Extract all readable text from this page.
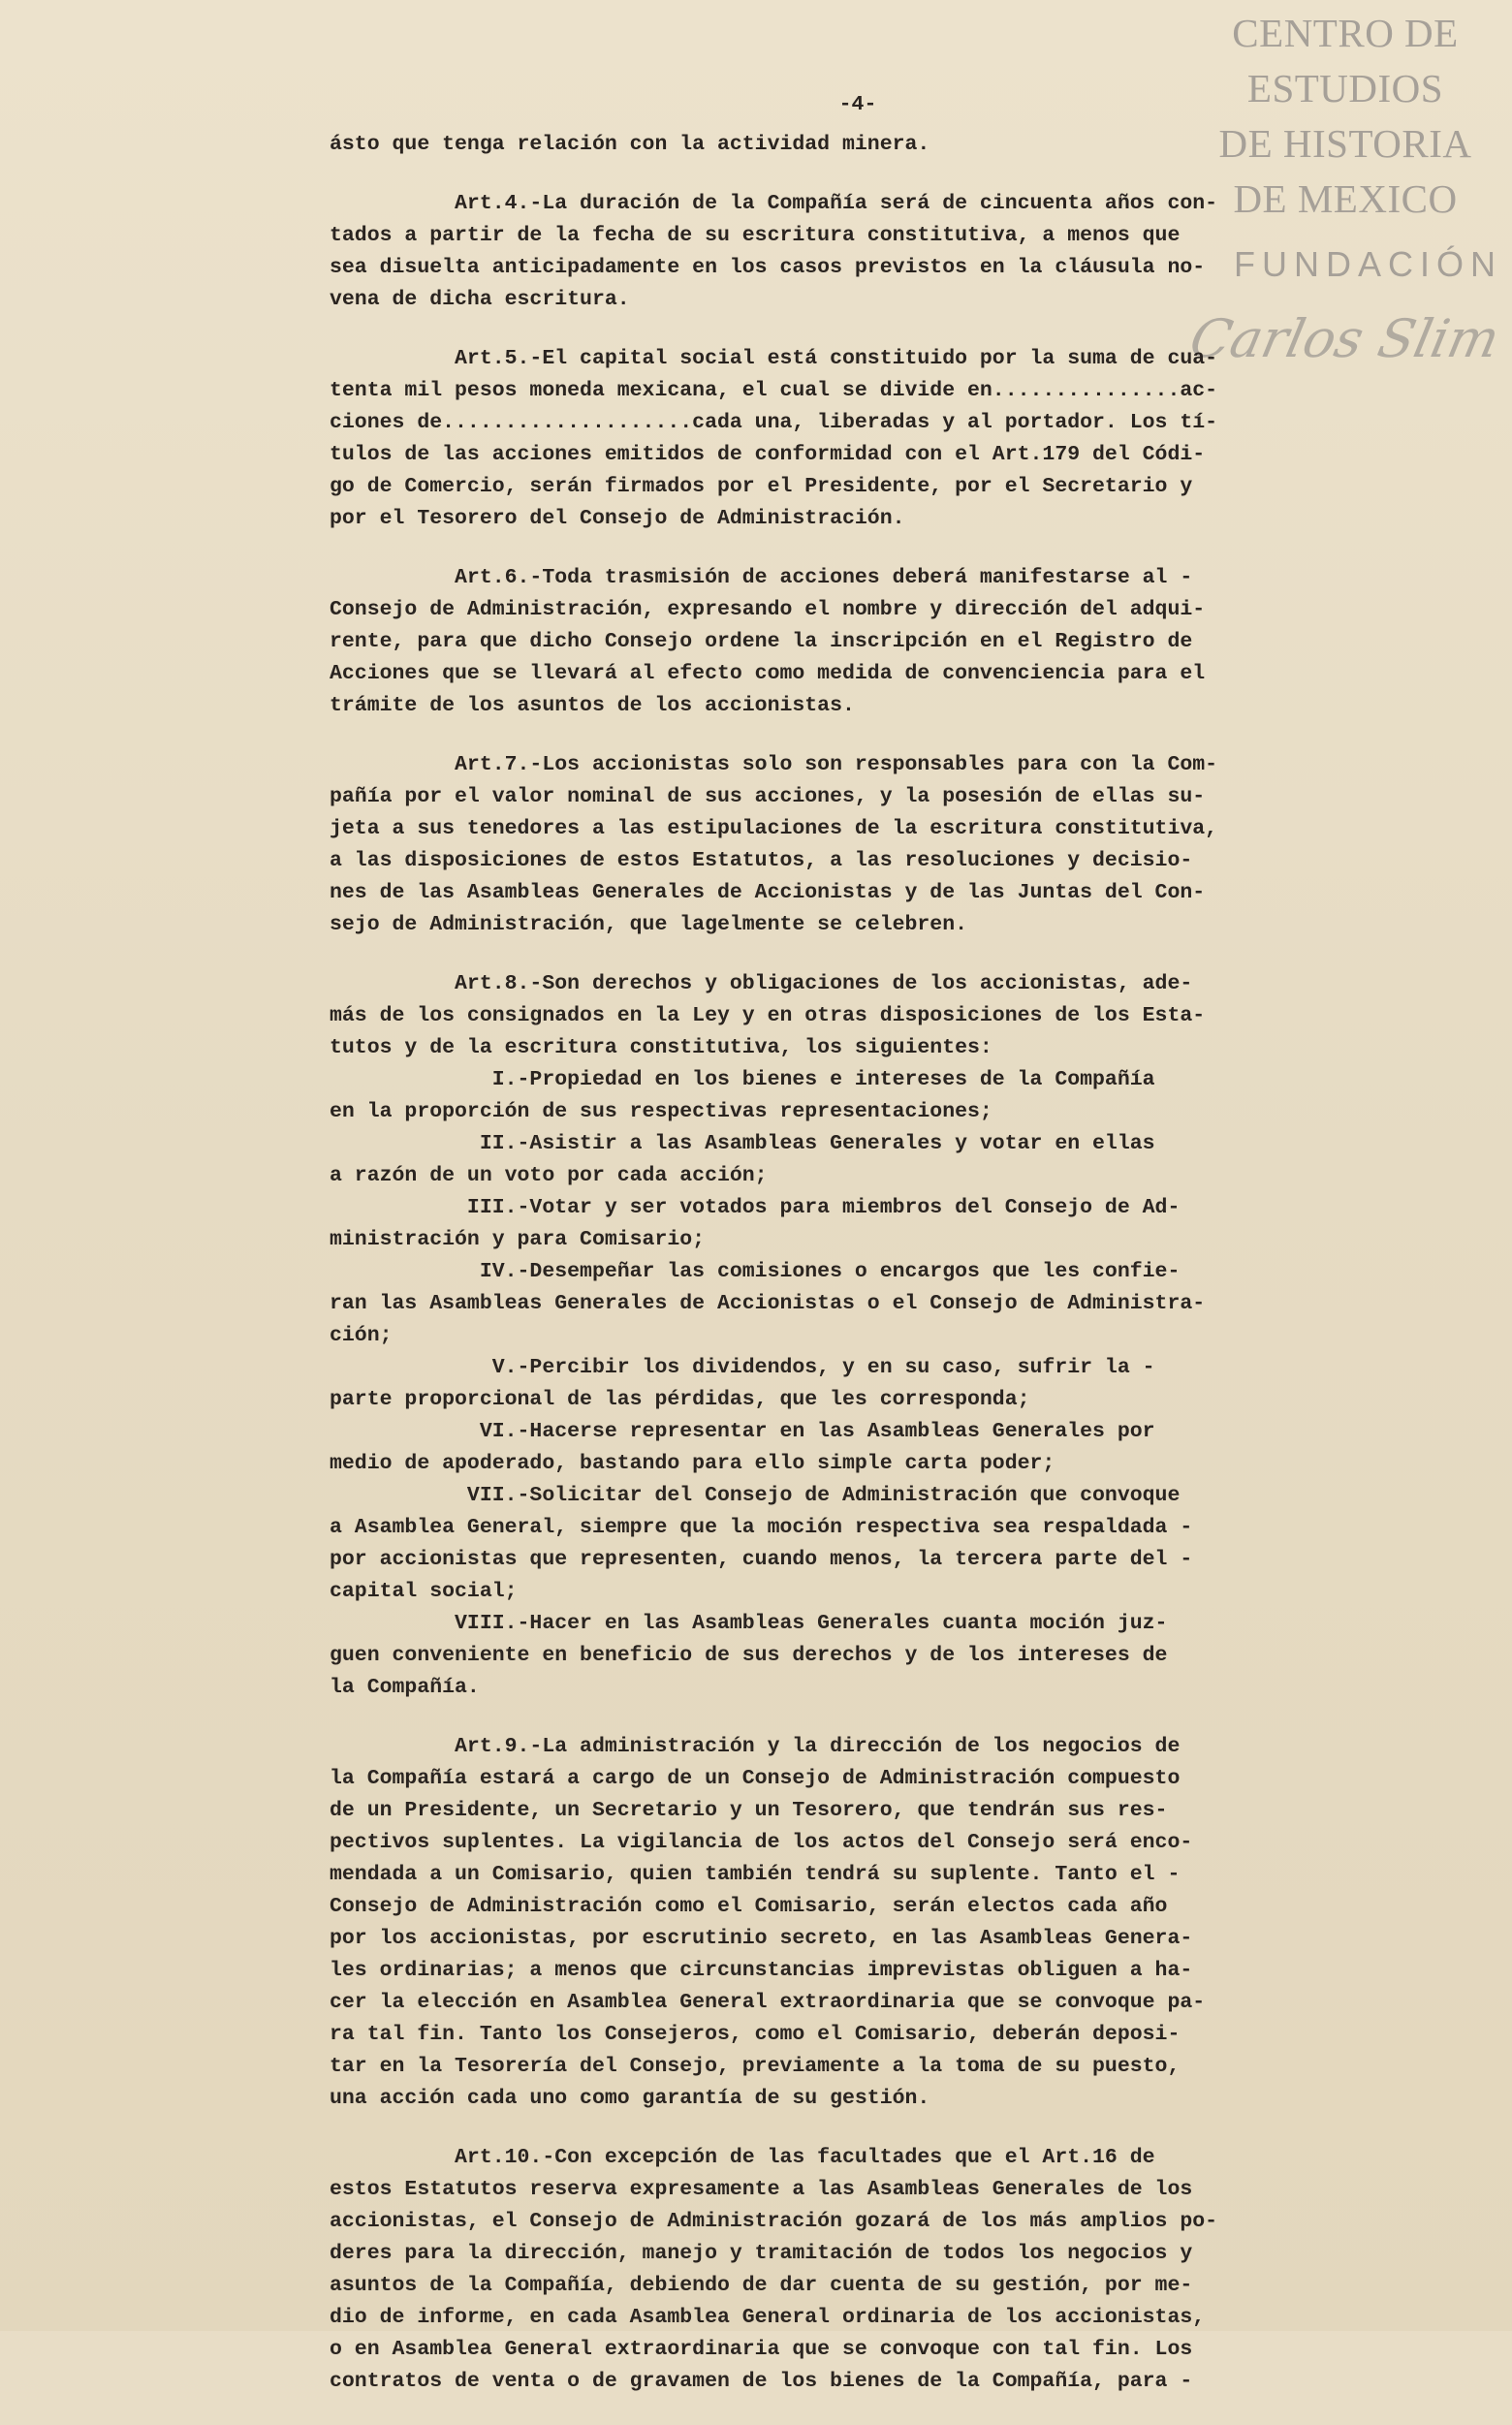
CENTRO DE
ESTUDIOS
DE HISTORIA
DE MEXICO
FUNDACIÓN
Carlos Slim
-4-
ásto que tenga relación con la actividad minera.
Art.4.-La duración de la Compañía será de cincuenta años con-
tados a partir de la fecha de su escritura constitutiva, a menos que
sea disuelta anticipadamente en los casos previstos en la cláusula no-
vena de dicha escritura.
Art.5.-El capital social está constituido por la suma de cua-
tenta mil pesos moneda mexicana, el cual se divide en...............ac-
ciones de....................cada una, liberadas y al portador. Los tí-
tulos de las acciones emitidos de conformidad con el Art.179 del Códi-
go de Comercio, serán firmados por el Presidente, por el Secretario y
por el Tesorero del Consejo de Administración.
Art.6.-Toda trasmisión de acciones deberá manifestarse al -
Consejo de Administración, expresando el nombre y dirección del adqui-
rente, para que dicho Consejo ordene la inscripción en el Registro de
Acciones que se llevará al efecto como medida de convenciencia para el
trámite de los asuntos de los accionistas.
Art.7.-Los accionistas solo son responsables para con la Com-
pañía por el valor nominal de sus acciones, y la posesión de ellas su-
jeta a sus tenedores a las estipulaciones de la escritura constitutiva,
a las disposiciones de estos Estatutos, a las resoluciones y decisio-
nes de las Asambleas Generales de Accionistas y de las Juntas del Con-
sejo de Administración, que lagelmente se celebren.
Art.8.-Son derechos y obligaciones de los accionistas, ade-
más de los consignados en la Ley y en otras disposiciones de los Esta-
tutos y de la escritura constitutiva, los siguientes:
I.-Propiedad en los bienes e intereses de la Compañía
en la proporción de sus respectivas representaciones;
II.-Asistir a las Asambleas Generales y votar en ellas
a razón de un voto por cada acción;
III.-Votar y ser votados para miembros del Consejo de Ad-
ministración y para Comisario;
IV.-Desempeñar las comisiones o encargos que les confie-
ran las Asambleas Generales de Accionistas o el Consejo de Administra-
ción;
V.-Percibir los dividendos, y en su caso, sufrir la -
parte proporcional de las pérdidas, que les corresponda;
VI.-Hacerse representar en las Asambleas Generales por
medio de apoderado, bastando para ello simple carta poder;
VII.-Solicitar del Consejo de Administración que convoque
a Asamblea General, siempre que la moción respectiva sea respaldada -
por accionistas que representen, cuando menos, la tercera parte del -
capital social;
VIII.-Hacer en las Asambleas Generales cuanta moción juz-
guen conveniente en beneficio de sus derechos y de los intereses de
la Compañía.
Art.9.-La administración y la dirección de los negocios de
la Compañía estará a cargo de un Consejo de Administración compuesto
de un Presidente, un Secretario y un Tesorero, que tendrán sus res-
pectivos suplentes. La vigilancia de los actos del Consejo será enco-
mendada a un Comisario, quien también tendrá su suplente. Tanto el -
Consejo de Administración como el Comisario, serán electos cada año
por los accionistas, por escrutinio secreto, en las Asambleas Genera-
les ordinarias; a menos que circunstancias imprevistas obliguen a ha-
cer la elección en Asamblea General extraordinaria que se convoque pa-
ra tal fin. Tanto los Consejeros, como el Comisario, deberán deposi-
tar en la Tesorería del Consejo, previamente a la toma de su puesto,
una acción cada uno como garantía de su gestión.
Art.10.-Con excepción de las facultades que el Art.16 de
estos Estatutos reserva expresamente a las Asambleas Generales de los
accionistas, el Consejo de Administración gozará de los más amplios po-
deres para la dirección, manejo y tramitación de todos los negocios y
asuntos de la Compañía, debiendo de dar cuenta de su gestión, por me-
dio de informe, en cada Asamblea General ordinaria de los accionistas,
o en Asamblea General extraordinaria que se convoque con tal fin. Los
contratos de venta o de gravamen de los bienes de la Compañía, para -
